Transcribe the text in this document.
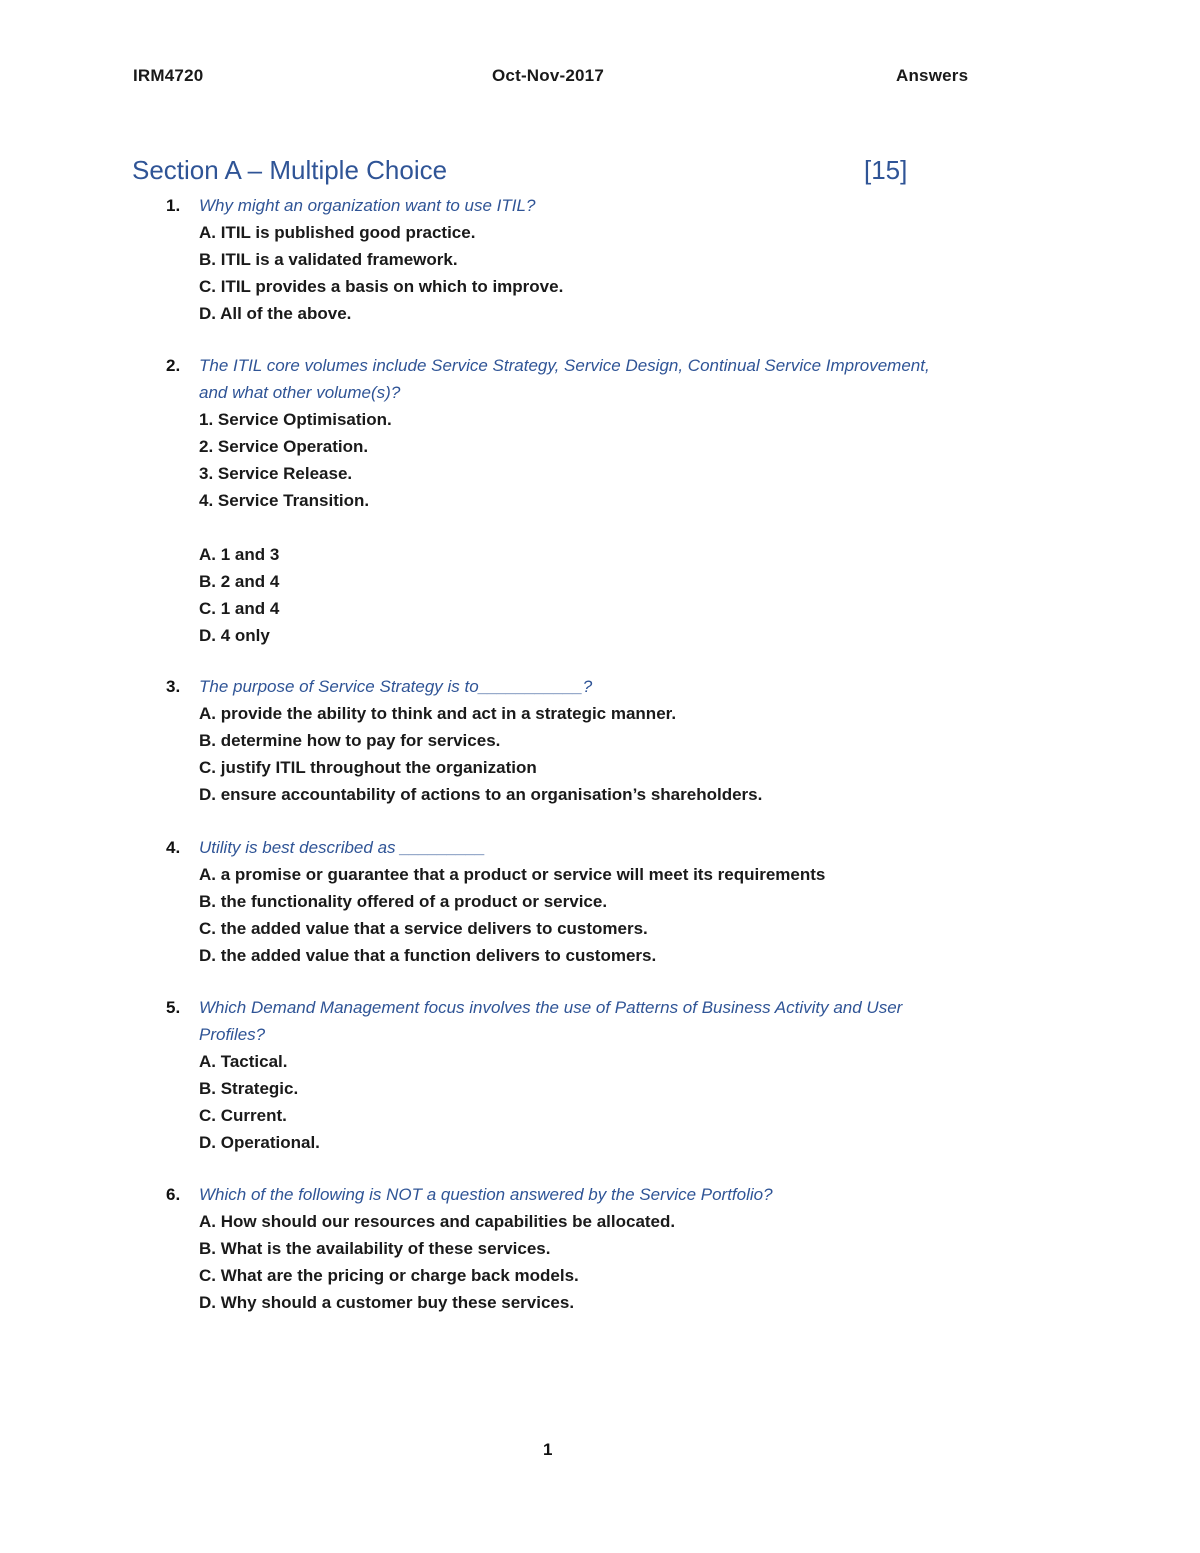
IRM4720	Oct-Nov-2017	Answers
Section A – Multiple Choice	[15]
1. Why might an organization want to use ITIL?

A. ITIL is published good practice.
B. ITIL is a validated framework.
C. ITIL provides a basis on which to improve.
D. All of the above.
2. The ITIL core volumes include Service Strategy, Service Design, Continual Service Improvement,
and what other volume(s)?

1. Service Optimisation.
2. Service Operation.
3. Service Release.
4. Service Transition.
A. 1 and 3
B. 2 and 4
C. 1 and 4
D. 4 only
3. The purpose of Service Strategy is to___________?

A. provide the ability to think and act in a strategic manner.
B. determine how to pay for services.
C. justify ITIL throughout the organization
D. ensure accountability of actions to an organisation’s shareholders.
4. Utility is best described as _________

A. a promise or guarantee that a product or service will meet its requirements
B. the functionality offered of a product or service.
C. the added value that a service delivers to customers.
D. the added value that a function delivers to customers.
5. Which Demand Management focus involves the use of Patterns of Business Activity and User
Profiles?

A. Tactical.
B. Strategic.
C. Current.
D. Operational.
6. Which of the following is NOT a question answered by the Service Portfolio?

A. How should our resources and capabilities be allocated.
B. What is the availability of these services.
C. What are the pricing or charge back models.
D. Why should a customer buy these services.
1
